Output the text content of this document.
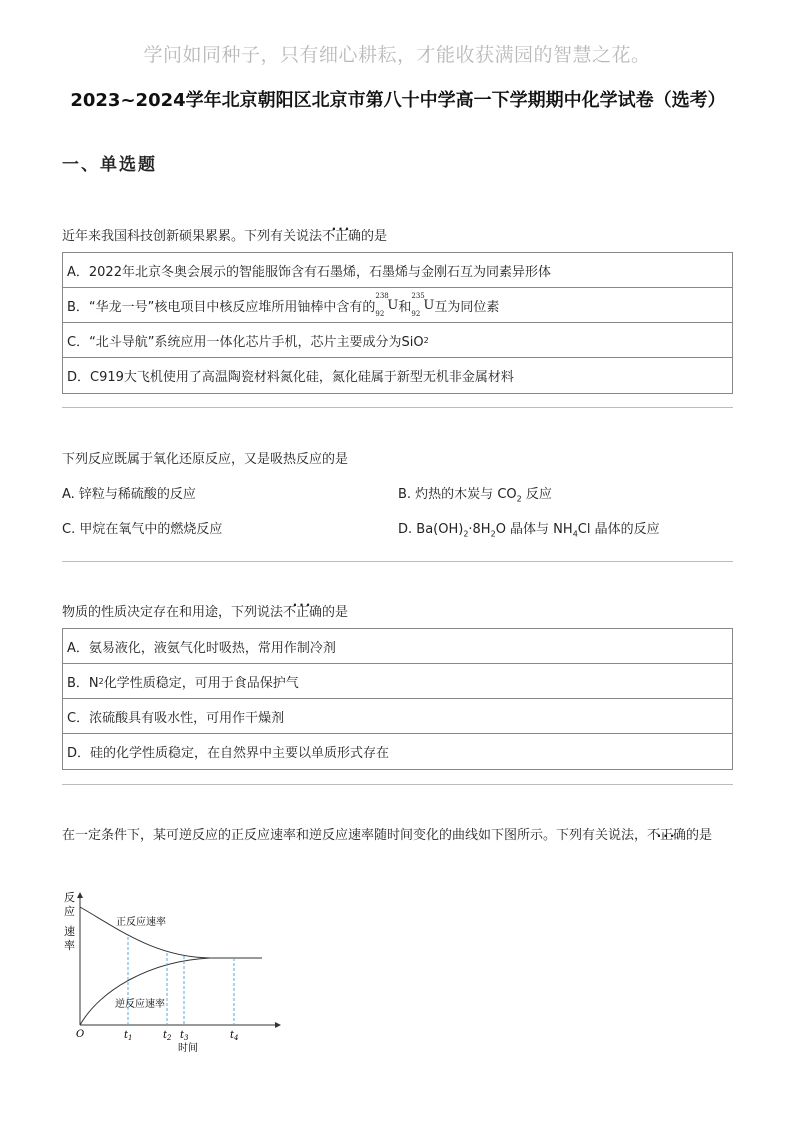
学问如同种子，只有细心耕耘，才能收获满园的智慧之花。
2023~2024学年北京朝阳区北京市第八十中学高一下学期期中化学试卷（选考）
一、单选题
近年来我国科技创新硕果累累。下列有关说法不正确 ···的是
A．2022年北京冬奥会展示的智能服饰含有石墨烯，石墨烯与金刚石互为同素异形体
B．“华龙一号”核电项目中核反应堆所用铀棒中含有的
238
92
U 和
235
92
U 互为同位素
C．“北斗导航”系统应用一体化芯片手机，芯片主要成分为SiO 2
D．C919大飞机使用了高温陶瓷材料氮化硅，氮化硅属于新型无机非金属材料
下列反应既属于氧化还原反应，又是吸热反应的是
A. 锌粒与稀硫酸的反应	B. 灼热的木炭与 $CO_2$ 反应
C. 甲烷在氧气中的燃烧反应	D. $Ba(OH)_2\cdot 8H_2O$ 晶体与 $NH_4Cl$ 晶体的反应
物质的性质决定存在和用途，下列说法不正确 ···的是
A．氨易液化，液氨气化时吸热，常用作制冷剂
B．N 2 化学性质稳定，可用于食品保护气
C．浓硫酸具有吸水性，可用作干燥剂
D．硅的化学性质稳定，在自然界中主要以单质形式存在
在一定条件下，某可逆反应的正反应速率和逆反应速率随时间变化的曲线如下图所示。下列有关说法，不正确 ···的是
反
应
速
率
正反应速率
逆反应速率
O	$t_1$	$t_2$ $t_3$	$t_4$
时间
